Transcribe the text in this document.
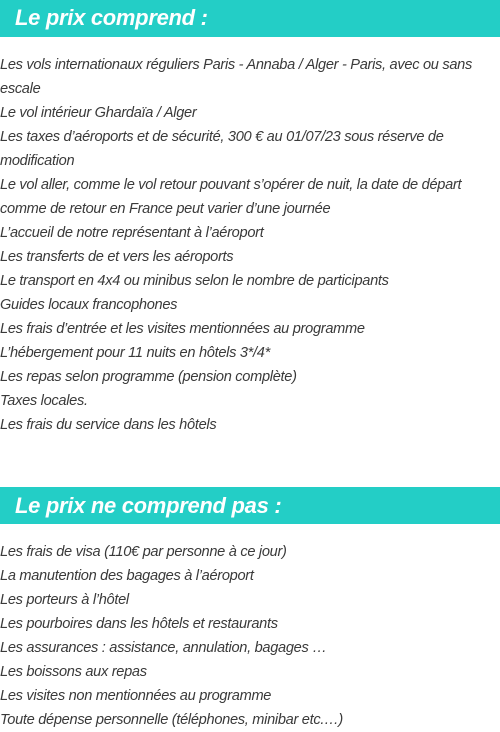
Le prix comprend :
Les vols internationaux réguliers Paris - Annaba / Alger - Paris, avec ou sans escale
Le vol intérieur Ghardaïa / Alger
Les taxes d’aéroports et de sécurité, 300 € au 01/07/23 sous réserve de modification
Le vol aller, comme le vol retour pouvant s’opérer de nuit, la date de départ comme de retour en France peut varier d’une journée
L’accueil de notre représentant à l’aéroport
Les transferts de et vers les aéroports
Le transport en 4x4 ou minibus selon le nombre de participants
Guides locaux francophones
Les frais d’entrée et les visites mentionnées au programme
L’hébergement pour 11 nuits en hôtels 3*/4*
Les repas selon programme (pension complète)
Taxes locales.
Les frais du service dans les hôtels
Le prix ne comprend pas :
Les frais de visa (110€ par personne à ce jour)
La manutention des bagages à l’aéroport
Les porteurs à l’hôtel
Les pourboires dans les hôtels et restaurants
Les assurances : assistance, annulation, bagages …
Les boissons aux repas
Les visites non mentionnées au programme
Toute dépense personnelle (téléphones, minibar etc.…)
